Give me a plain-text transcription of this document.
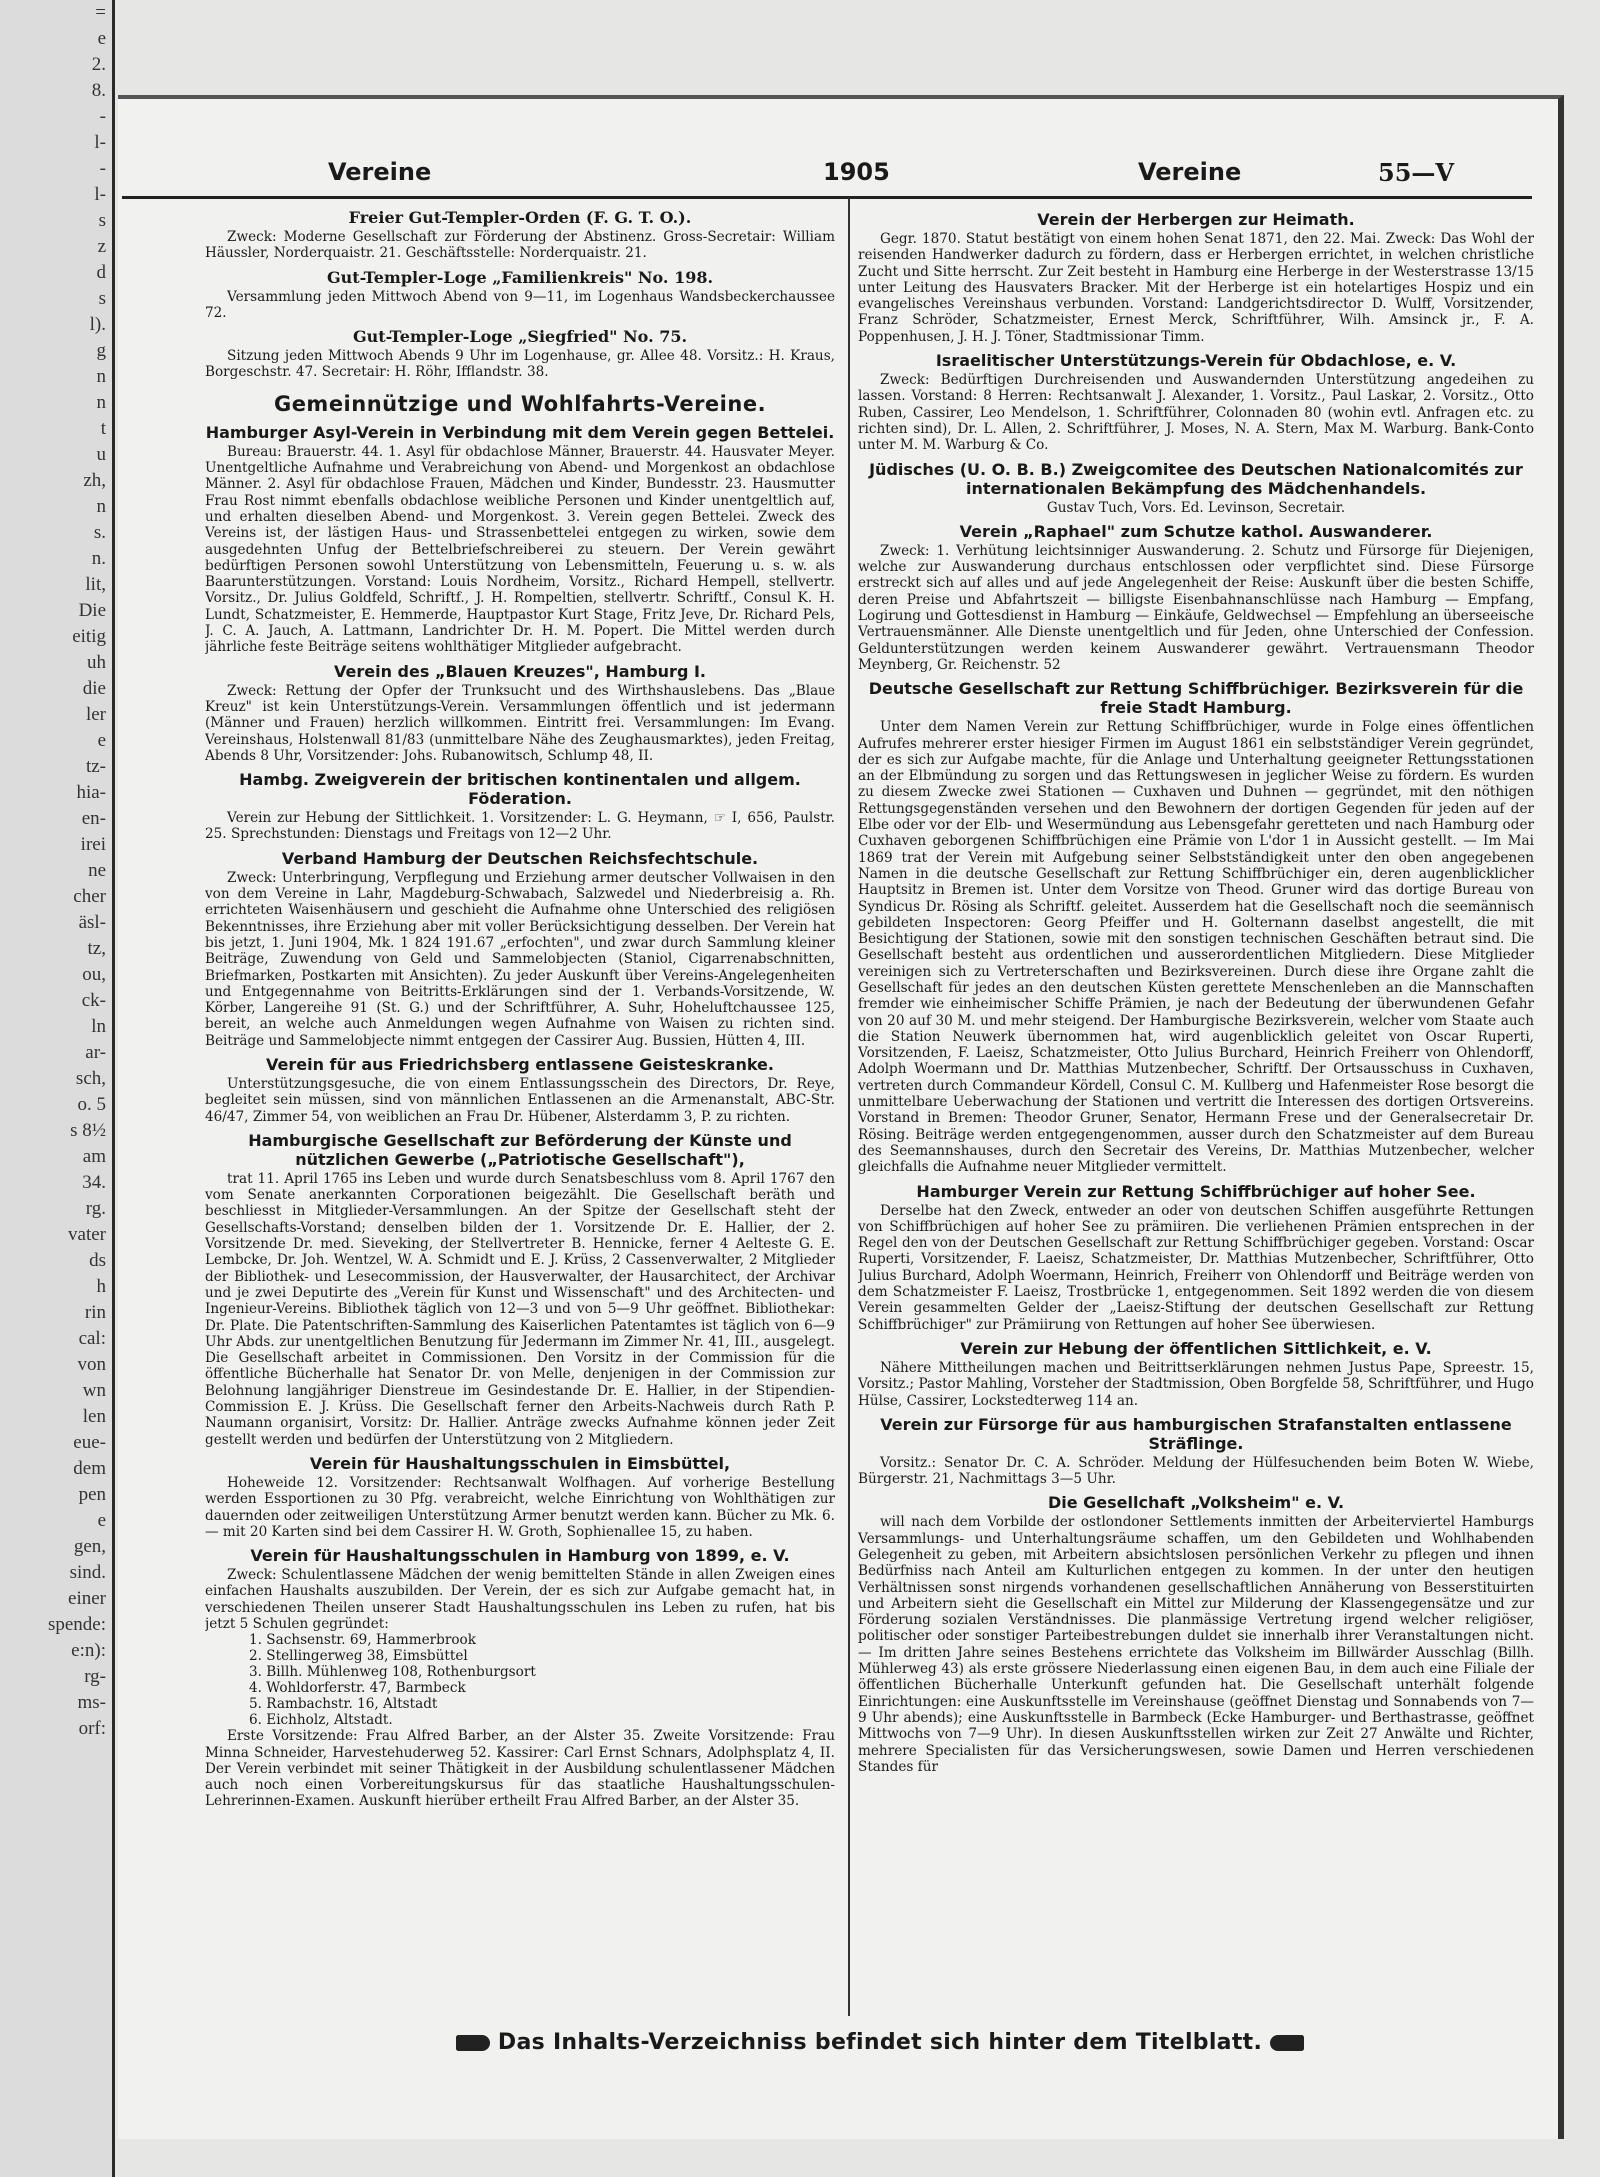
=
e
2.
8.
-
l-
-
l-
s
z
d
s
l).
g
n
n
t
u
zh,
n
s.
n.
lit,
Die
eitig
uh
die
ler
e
tz-
hia-
en-
irei
ne
cher
äsl-
tz,
ou,
ck-
ln
ar-
sch,
o. 5
s 8½
am
34.
rg.
vater
ds
h
rin
cal:
von
wn
len
eue-
dem
pen
e
gen,
sind.
einer
spende:
e:n):
rg-
ms-
orf:
Vereine	1905	Vereine	55—V
Freier Gut-Templer-Orden (F. G. T. O.).

Zweck: Moderne Gesellschaft zur Förderung der Abstinenz. Gross-Secretair: William Häussler, Norderquaistr. 21. Geschäftsstelle: Norderquaistr. 21.

Gut-Templer-Loge „Familienkreis" No. 198.

Versammlung jeden Mittwoch Abend von 9—11, im Logenhaus Wandsbeckerchaussee 72.

Gut-Templer-Loge „Siegfried" No. 75.

Sitzung jeden Mittwoch Abends 9 Uhr im Logenhause, gr. Allee 48. Vorsitz.: H. Kraus, Borgeschstr. 47. Secretair: H. Röhr, Ifflandstr. 38.

Gemeinnützige und Wohlfahrts-Vereine.
Hamburger Asyl-Verein in Verbindung mit dem Verein gegen Bettelei.

Bureau: Brauerstr. 44. 1. Asyl für obdachlose Männer, Brauerstr. 44. Hausvater Meyer. Unentgeltliche Aufnahme und Verabreichung von Abend- und Morgenkost an obdachlose Männer. 2. Asyl für obdachlose Frauen, Mädchen und Kinder, Bundesstr. 23. Hausmutter Frau Rost nimmt ebenfalls obdachlose weibliche Personen und Kinder unentgeltlich auf, und erhalten dieselben Abend- und Morgenkost. 3. Verein gegen Bettelei. Zweck des Vereins ist, der lästigen Haus- und Strassenbettelei entgegen zu wirken, sowie dem ausgedehnten Unfug der Bettelbriefschreiberei zu steuern. Der Verein gewährt bedürftigen Personen sowohl Unterstützung von Lebensmitteln, Feuerung u. s. w. als Baarunterstützungen. Vorstand: Louis Nordheim, Vorsitz., Richard Hempell, stellvertr. Vorsitz., Dr. Julius Goldfeld, Schriftf., J. H. Rompeltien, stellvertr. Schriftf., Consul K. H. Lundt, Schatzmeister, E. Hemmerde, Hauptpastor Kurt Stage, Fritz Jeve, Dr. Richard Pels, J. C. A. Jauch, A. Lattmann, Landrichter Dr. H. M. Popert. Die Mittel werden durch jährliche feste Beiträge seitens wohlthätiger Mitglieder aufgebracht.

Verein des „Blauen Kreuzes", Hamburg I.

Zweck: Rettung der Opfer der Trunksucht und des Wirthshauslebens. Das „Blaue Kreuz" ist kein Unterstützungs-Verein. Versammlungen öffentlich und ist jedermann (Männer und Frauen) herzlich willkommen. Eintritt frei. Versammlungen: Im Evang. Vereinshaus, Holstenwall 81/83 (unmittelbare Nähe des Zeughausmarktes), jeden Freitag, Abends 8 Uhr, Vorsitzender: Johs. Rubanowitsch, Schlump 48, II.

Hambg. Zweigverein der britischen kontinentalen und allgem. Föderation.

Verein zur Hebung der Sittlichkeit. 1. Vorsitzender: L. G. Heymann, ☞ I, 656, Paulstr. 25. Sprechstunden: Dienstags und Freitags von 12—2 Uhr.

Verband Hamburg der Deutschen Reichsfechtschule.

Zweck: Unterbringung, Verpflegung und Erziehung armer deutscher Vollwaisen in den von dem Vereine in Lahr, Magdeburg-Schwabach, Salzwedel und Niederbreisig a. Rh. errichteten Waisenhäusern und geschieht die Aufnahme ohne Unterschied des religiösen Bekenntnisses, ihre Erziehung aber mit voller Berücksichtigung desselben. Der Verein hat bis jetzt, 1. Juni 1904, Mk. 1 824 191.67 „erfochten", und zwar durch Sammlung kleiner Beiträge, Zuwendung von Geld und Sammelobjecten (Staniol, Cigarrenabschnitten, Briefmarken, Postkarten mit Ansichten). Zu jeder Auskunft über Vereins-Angelegenheiten und Entgegennahme von Beitritts-Erklärungen sind der 1. Verbands-Vorsitzende, W. Körber, Langereihe 91 (St. G.) und der Schriftführer, A. Suhr, Hoheluftchaussee 125, bereit, an welche auch Anmeldungen wegen Aufnahme von Waisen zu richten sind. Beiträge und Sammelobjecte nimmt entgegen der Cassirer Aug. Bussien, Hütten 4, III.

Verein für aus Friedrichsberg entlassene Geisteskranke.

Unterstützungsgesuche, die von einem Entlassungsschein des Directors, Dr. Reye, begleitet sein müssen, sind von männlichen Entlassenen an die Armenanstalt, ABC-Str. 46/47, Zimmer 54, von weiblichen an Frau Dr. Hübener, Alsterdamm 3, P. zu richten.

Hamburgische Gesellschaft zur Beförderung der Künste und nützlichen Gewerbe („Patriotische Gesellschaft"),

trat 11. April 1765 ins Leben und wurde durch Senatsbeschluss vom 8. April 1767 den vom Senate anerkannten Corporationen beigezählt. Die Gesellschaft beräth und beschliesst in Mitglieder-Versammlungen. An der Spitze der Gesellschaft steht der Gesellschafts-Vorstand; denselben bilden der 1. Vorsitzende Dr. E. Hallier, der 2. Vorsitzende Dr. med. Sieveking, der Stellvertreter B. Hennicke, ferner 4 Aelteste G. E. Lembcke, Dr. Joh. Wentzel, W. A. Schmidt und E. J. Krüss, 2 Cassenverwalter, 2 Mitglieder der Bibliothek- und Lesecommission, der Hausverwalter, der Hausarchitect, der Archivar und je zwei Deputirte des „Verein für Kunst und Wissenschaft" und des Architecten- und Ingenieur-Vereins. Bibliothek täglich von 12—3 und von 5—9 Uhr geöffnet. Bibliothekar: Dr. Plate. Die Patentschriften-Sammlung des Kaiserlichen Patentamtes ist täglich von 6—9 Uhr Abds. zur unentgeltlichen Benutzung für Jedermann im Zimmer Nr. 41, III., ausgelegt. Die Gesellschaft arbeitet in Commissionen. Den Vorsitz in der Commission für die öffentliche Bücherhalle hat Senator Dr. von Melle, denjenigen in der Commission zur Belohnung langjähriger Dienstreue im Gesindestande Dr. E. Hallier, in der Stipendien-Commission E. J. Krüss. Die Gesellschaft ferner den Arbeits-Nachweis durch Rath P. Naumann organisirt, Vorsitz: Dr. Hallier. Anträge zwecks Aufnahme können jeder Zeit gestellt werden und bedürfen der Unterstützung von 2 Mitgliedern.

Verein für Haushaltungsschulen in Eimsbüttel,

Hoheweide 12. Vorsitzender: Rechtsanwalt Wolfhagen. Auf vorherige Bestellung werden Essportionen zu 30 Pfg. verabreicht, welche Einrichtung von Wohlthätigen zur dauernden oder zeitweiligen Unterstützung Armer benutzt werden kann. Bücher zu Mk. 6.— mit 20 Karten sind bei dem Cassirer H. W. Groth, Sophienallee 15, zu haben.

Verein für Haushaltungsschulen in Hamburg von 1899, e. V.

Zweck: Schulentlassene Mädchen der wenig bemittelten Stände in allen Zweigen eines einfachen Haushalts auszubilden. Der Verein, der es sich zur Aufgabe gemacht hat, in verschiedenen Theilen unserer Stadt Haushaltungsschulen ins Leben zu rufen, hat bis jetzt 5 Schulen gegründet:

1. Sachsenstr. 69, Hammerbrook
2. Stellingerweg 38, Eimsbüttel
3. Billh. Mühlenweg 108, Rothenburgsort
4. Wohldorferstr. 47, Barmbeck
5. Rambachstr. 16, Altstadt
6. Eichholz, Altstadt.

Erste Vorsitzende: Frau Alfred Barber, an der Alster 35. Zweite Vorsitzende: Frau Minna Schneider, Harvestehuderweg 52. Kassirer: Carl Ernst Schnars, Adolphsplatz 4, II. Der Verein verbindet mit seiner Thätigkeit in der Ausbildung schulentlassener Mädchen auch noch einen Vorbereitungskursus für das staatliche Haushaltungsschulen-Lehrerinnen-Examen. Auskunft hierüber ertheilt Frau Alfred Barber, an der Alster 35.

Verein der Herbergen zur Heimath.

Gegr. 1870. Statut bestätigt von einem hohen Senat 1871, den 22. Mai. Zweck: Das Wohl der reisenden Handwerker dadurch zu fördern, dass er Herbergen errichtet, in welchen christliche Zucht und Sitte herrscht. Zur Zeit besteht in Hamburg eine Herberge in der Westerstrasse 13/15 unter Leitung des Hausvaters Bracker. Mit der Herberge ist ein hotelartiges Hospiz und ein evangelisches Vereinshaus verbunden. Vorstand: Landgerichtsdirector D. Wulff, Vorsitzender, Franz Schröder, Schatzmeister, Ernest Merck, Schriftführer, Wilh. Amsinck jr., F. A. Poppenhusen, J. H. J. Töner, Stadtmissionar Timm.

Israelitischer Unterstützungs-Verein für Obdachlose, e. V.

Zweck: Bedürftigen Durchreisenden und Auswandernden Unterstützung angedeihen zu lassen. Vorstand: 8 Herren: Rechtsanwalt J. Alexander, 1. Vorsitz., Paul Laskar, 2. Vorsitz., Otto Ruben, Cassirer, Leo Mendelson, 1. Schriftführer, Colonnaden 80 (wohin evtl. Anfragen etc. zu richten sind), Dr. L. Allen, 2. Schriftführer, J. Moses, N. A. Stern, Max M. Warburg. Bank-Conto unter M. M. Warburg & Co.

Jüdisches (U. O. B. B.) Zweigcomitee des Deutschen Nationalcomités zur internationalen Bekämpfung des Mädchenhandels.

Gustav Tuch, Vors. Ed. Levinson, Secretair.

Verein „Raphael" zum Schutze kathol. Auswanderer.

Zweck: 1. Verhütung leichtsinniger Auswanderung. 2. Schutz und Fürsorge für Diejenigen, welche zur Auswanderung durchaus entschlossen oder verpflichtet sind. Diese Fürsorge erstreckt sich auf alles und auf jede Angelegenheit der Reise: Auskunft über die besten Schiffe, deren Preise und Abfahrtszeit — billigste Eisenbahnanschlüsse nach Hamburg — Empfang, Logirung und Gottesdienst in Hamburg — Einkäufe, Geldwechsel — Empfehlung an überseeische Vertrauensmänner. Alle Dienste unentgeltlich und für Jeden, ohne Unterschied der Confession. Geldunterstützungen werden keinem Auswanderer gewährt. Vertrauensmann Theodor Meynberg, Gr. Reichenstr. 52

Deutsche Gesellschaft zur Rettung Schiffbrüchiger. Bezirksverein für die freie Stadt Hamburg.

Unter dem Namen Verein zur Rettung Schiffbrüchiger, wurde in Folge eines öffentlichen Aufrufes mehrerer erster hiesiger Firmen im August 1861 ein selbstständiger Verein gegründet, der es sich zur Aufgabe machte, für die Anlage und Unterhaltung geeigneter Rettungsstationen an der Elbmündung zu sorgen und das Rettungswesen in jeglicher Weise zu fördern. Es wurden zu diesem Zwecke zwei Stationen — Cuxhaven und Duhnen — gegründet, mit den nöthigen Rettungsgegenständen versehen und den Bewohnern der dortigen Gegenden für jeden auf der Elbe oder vor der Elb- und Wesermündung aus Lebensgefahr geretteten und nach Hamburg oder Cuxhaven geborgenen Schiffbrüchigen eine Prämie von L'dor 1 in Aussicht gestellt. — Im Mai 1869 trat der Verein mit Aufgebung seiner Selbstständigkeit unter den oben angegebenen Namen in die deutsche Gesellschaft zur Rettung Schiffbrüchiger ein, deren augenblicklicher Hauptsitz in Bremen ist. Unter dem Vorsitze von Theod. Gruner wird das dortige Bureau von Syndicus Dr. Rösing als Schriftf. geleitet. Ausserdem hat die Gesellschaft noch die seemännisch gebildeten Inspectoren: Georg Pfeiffer und H. Golternann daselbst angestellt, die mit Besichtigung der Stationen, sowie mit den sonstigen technischen Geschäften betraut sind. Die Gesellschaft besteht aus ordentlichen und ausserordentlichen Mitgliedern. Diese Mitglieder vereinigen sich zu Vertreterschaften und Bezirksvereinen. Durch diese ihre Organe zahlt die Gesellschaft für jedes an den deutschen Küsten gerettete Menschenleben an die Mannschaften fremder wie einheimischer Schiffe Prämien, je nach der Bedeutung der überwundenen Gefahr von 20 auf 30 M. und mehr steigend. Der Hamburgische Bezirksverein, welcher vom Staate auch die Station Neuwerk übernommen hat, wird augenblicklich geleitet von Oscar Ruperti, Vorsitzenden, F. Laeisz, Schatzmeister, Otto Julius Burchard, Heinrich Freiherr von Ohlendorff, Adolph Woermann und Dr. Matthias Mutzenbecher, Schriftf. Der Ortsausschuss in Cuxhaven, vertreten durch Commandeur Kördell, Consul C. M. Kullberg und Hafenmeister Rose besorgt die unmittelbare Ueberwachung der Stationen und vertritt die Interessen des dortigen Ortsvereins. Vorstand in Bremen: Theodor Gruner, Senator, Hermann Frese und der Generalsecretair Dr. Rösing. Beiträge werden entgegengenommen, ausser durch den Schatzmeister auf dem Bureau des Seemannshauses, durch den Secretair des Vereins, Dr. Matthias Mutzenbecher, welcher gleichfalls die Aufnahme neuer Mitglieder vermittelt.

Hamburger Verein zur Rettung Schiffbrüchiger auf hoher See.

Derselbe hat den Zweck, entweder an oder von deutschen Schiffen ausgeführte Rettungen von Schiffbrüchigen auf hoher See zu prämiiren. Die verliehenen Prämien entsprechen in der Regel den von der Deutschen Gesellschaft zur Rettung Schiffbrüchiger gegeben. Vorstand: Oscar Ruperti, Vorsitzender, F. Laeisz, Schatzmeister, Dr. Matthias Mutzenbecher, Schriftführer, Otto Julius Burchard, Adolph Woermann, Heinrich, Freiherr von Ohlendorff und Beiträge werden von dem Schatzmeister F. Laeisz, Trostbrücke 1, entgegenommen. Seit 1892 werden die von diesem Verein gesammelten Gelder der „Laeisz-Stiftung der deutschen Gesellschaft zur Rettung Schiffbrüchiger" zur Prämiirung von Rettungen auf hoher See überwiesen.

Verein zur Hebung der öffentlichen Sittlichkeit, e. V.

Nähere Mittheilungen machen und Beitrittserklärungen nehmen Justus Pape, Spreestr. 15, Vorsitz.; Pastor Mahling, Vorsteher der Stadtmission, Oben Borgfelde 58, Schriftführer, und Hugo Hülse, Cassirer, Lockstedterweg 114 an.

Verein zur Fürsorge für aus hamburgischen Strafanstalten entlassene Sträflinge.

Vorsitz.: Senator Dr. C. A. Schröder. Meldung der Hülfesuchenden beim Boten W. Wiebe, Bürgerstr. 21, Nachmittags 3—5 Uhr.

Die Gesellchaft „Volksheim" e. V.

will nach dem Vorbilde der ostlondoner Settlements inmitten der Arbeiterviertel Hamburgs Versammlungs- und Unterhaltungsräume schaffen, um den Gebildeten und Wohlhabenden Gelegenheit zu geben, mit Arbeitern absichtslosen persönlichen Verkehr zu pflegen und ihnen Bedürfniss nach Anteil am Kulturlichen entgegen zu kommen. In der unter den heutigen Verhältnissen sonst nirgends vorhandenen gesellschaftlichen Annäherung von Besserstituirten und Arbeitern sieht die Gesellschaft ein Mittel zur Milderung der Klassengegensätze und zur Förderung sozialen Verständnisses. Die planmässige Vertretung irgend welcher religiöser, politischer oder sonstiger Parteibestrebungen duldet sie innerhalb ihrer Veranstaltungen nicht. — Im dritten Jahre seines Bestehens errichtete das Volksheim im Billwärder Ausschlag (Billh. Mühlerweg 43) als erste grössere Niederlassung einen eigenen Bau, in dem auch eine Filiale der öffentlichen Bücherhalle Unterkunft gefunden hat. Die Gesellschaft unterhält folgende Einrichtungen: eine Auskunftsstelle im Vereinshause (geöffnet Dienstag und Sonnabends von 7—9 Uhr abends); eine Auskunftsstelle in Barmbeck (Ecke Hamburger- und Berthastrasse, geöffnet Mittwochs von 7—9 Uhr). In diesen Auskunftsstellen wirken zur Zeit 27 Anwälte und Richter, mehrere Specialisten für das Versicherungswesen, sowie Damen und Herren verschiedenen Standes für

Das Inhalts-Verzeichniss befindet sich hinter dem Titelblatt.
